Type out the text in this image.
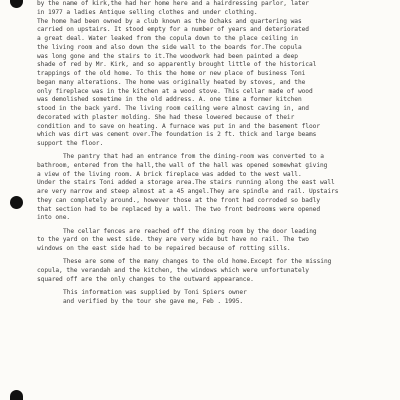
by the name of kirk,the had her home here and a hairdressing parlor, later
in 1977 a ladies Antique selling clothes and under clothing.
The home had been owned by a club known as the Ochaks and quartering was
carried on upstairs. It stood empty for a number of years and deteriorated
a great deal. Water leaked from the copula down to the place ceiling in
the living room and also down the side wall to the boards for.The copula
was long gone and the stairs to it.The woodwork had been painted a deep
shade of red by Mr. Kirk, and so apparently brought little of the historical
trappings of the old home. To this the home or new place of business Toni
began many alterations. The home was originally heated by stoves, and the
only fireplace was in the kitchen at a wood stove. This cellar made of wood
was demolished sometime in the old address. A. one time a former kitchen
stood in the back yard. The living room ceiling were almost caving in, and
decorated with plaster molding. She had these lowered because of their
condition and to save on heating. A furnace was put in and the basement floor
which was dirt was cement over.The foundation is 2 ft. thick and large beams
support the floor.
The pantry that had an entrance from the dining-room was converted to a
bathroom, entered from the hall,the wall of the hall was opened somewhat giving
a view of the living room. A brick fireplace was added to the west wall.
Under the stairs Toni added a storage area.The stairs running along the east wall
are very narrow and steep almost at a 45 angel.They are spindle and rail. Upstairs
they can completely around., however those at the front had corroded so badly
that section had to be replaced by a wall. The two front bedrooms were opened
into one.
The cellar fences are reached off the dining room by the door leading
to the yard on the west side. they are very wide but have no rail. The two
windows on the east side had to be repaired because of rotting sills.
These are some of the many changes to the old home.Except for the missing
copula, the verandah and the kitchen, the windows which were unfortunately
squared off are the only changes to the outward appearance.
This information was supplied by Toni Spiers owner
and verified by the tour she gave me, Feb . 1995.
